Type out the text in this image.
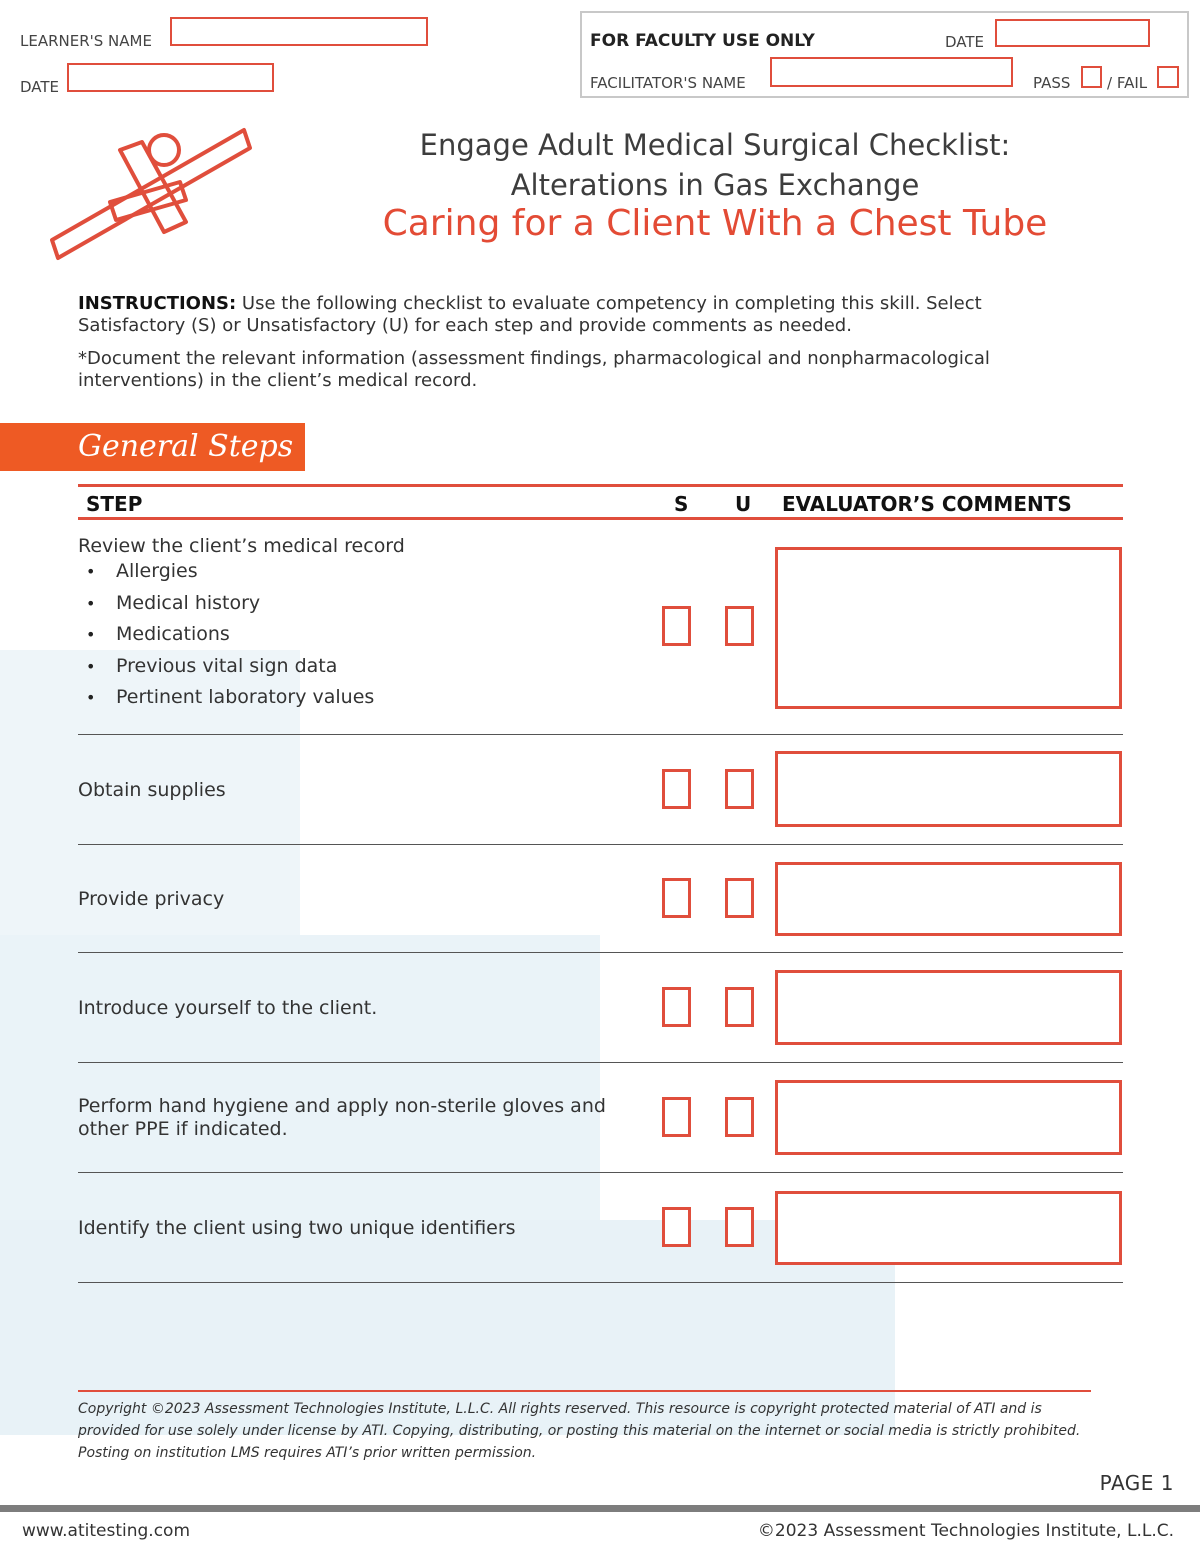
LEARNER'S NAME
DATE
FOR FACULTY USE ONLY	DATE
FACILITATOR'S NAME	PASS / FAIL
Engage Adult Medical Surgical Checklist:
Alterations in Gas Exchange
Caring for a Client With a Chest Tube
INSTRUCTIONS: Use the following checklist to evaluate competency in completing this skill. Select Satisfactory (S) or Unsatisfactory (U) for each step and provide comments as needed.
*Document the relevant information (assessment findings, pharmacological and nonpharmacological interventions) in the client’s medical record.
General Steps
STEP	S U EVALUATOR’S COMMENTS
Review the client’s medical record
• Allergies
• Medical history
• Medications
• Previous vital sign data
• Pertinent laboratory values
Obtain supplies
Provide privacy
Introduce yourself to the client.
Perform hand hygiene and apply non-sterile gloves and other PPE if indicated.
Identify the client using two unique identifiers
Copyright ©2023 Assessment Technologies Institute, L.L.C. All rights reserved. This resource is copyright protected material of ATI and is provided for use solely under license by ATI. Copying, distributing, or posting this material on the internet or social media is strictly prohibited. Posting on institution LMS requires ATI’s prior written permission.
PAGE 1
www.atitesting.com	©2023 Assessment Technologies Institute, L.L.C.
